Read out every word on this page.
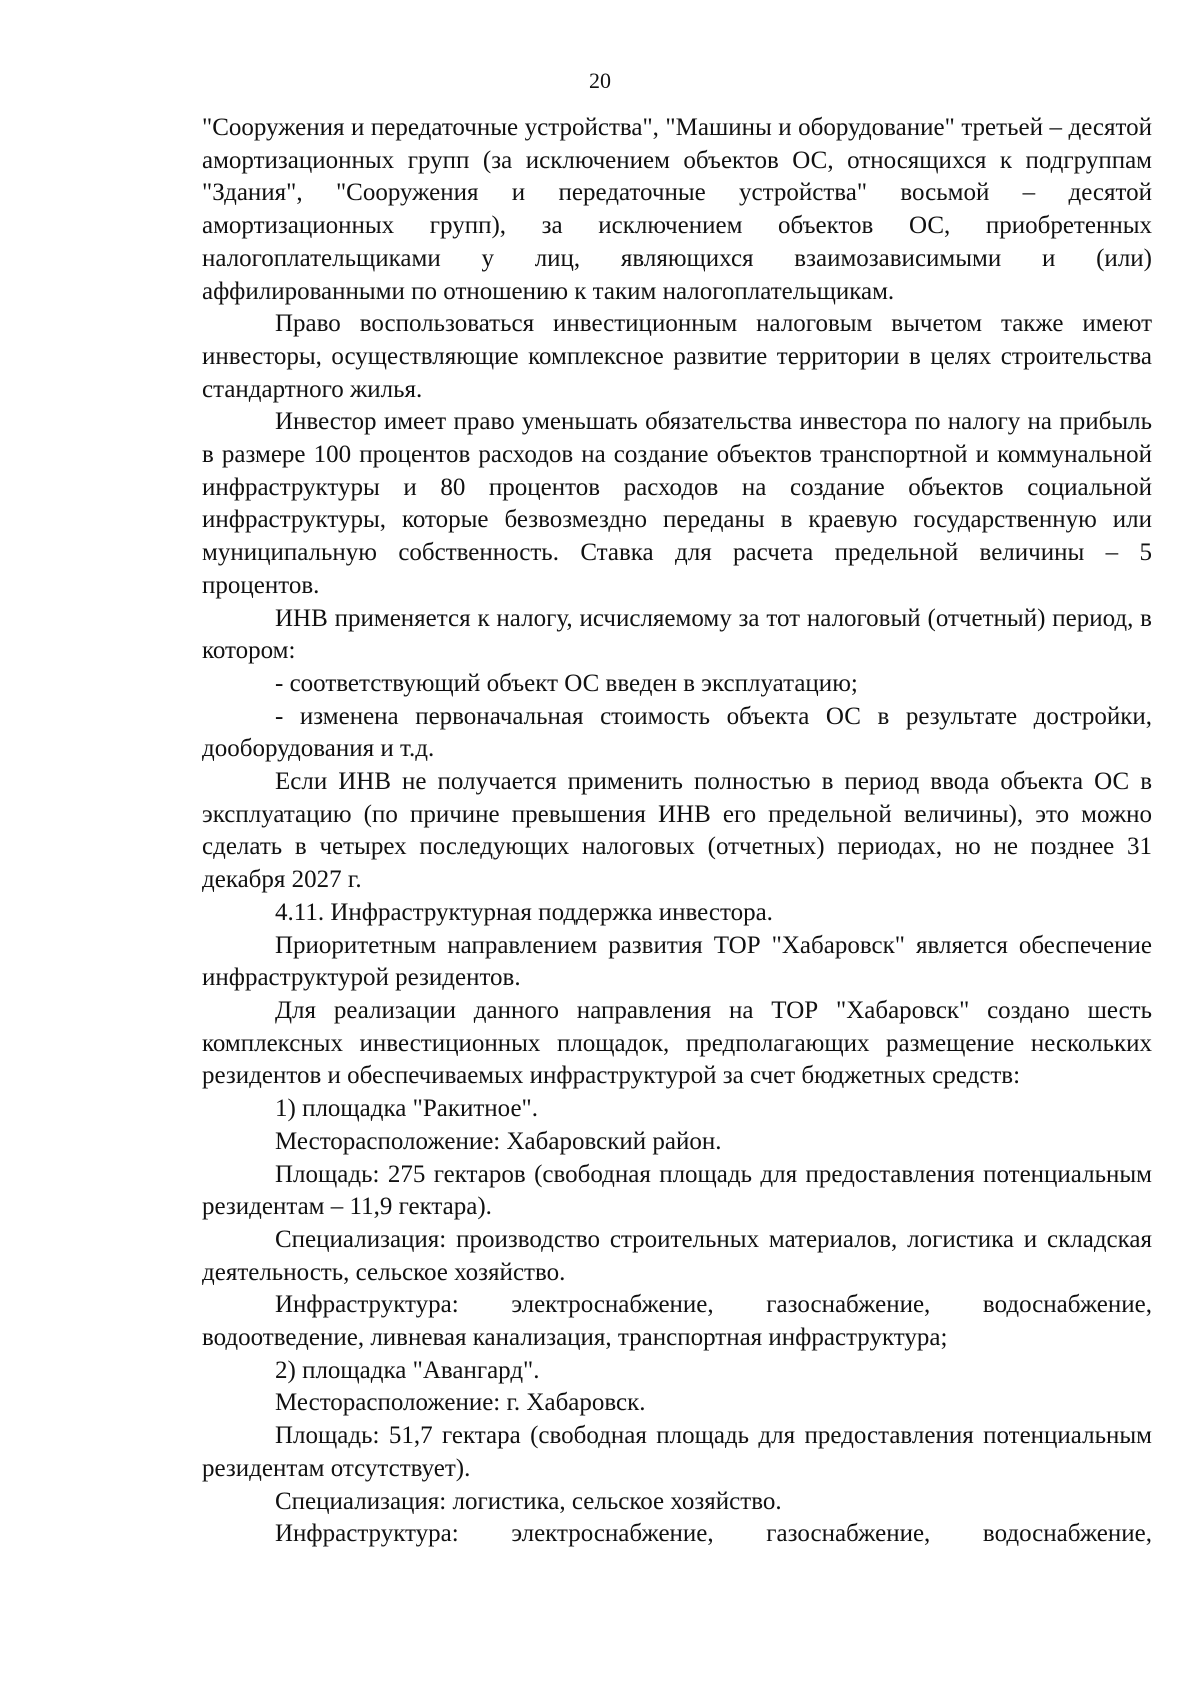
20

"Сооружения и передаточные устройства", "Машины и оборудование" третьей – десятой амортизационных групп (за исключением объектов ОС, относящихся к подгруппам "Здания", "Сооружения и передаточные устройства" восьмой – десятой амортизационных групп), за исключением объектов ОС, приобретенных налогоплательщиками у лиц, являющихся взаимозависимыми и (или) аффилированными по отношению к таким налогоплательщикам.

Право воспользоваться инвестиционным налоговым вычетом также имеют инвесторы, осуществляющие комплексное развитие территории в целях строительства стандартного жилья.

Инвестор имеет право уменьшать обязательства инвестора по налогу на прибыль в размере 100 процентов расходов на создание объектов транспортной и коммунальной инфраструктуры и 80 процентов расходов на создание объектов социальной инфраструктуры, которые безвозмездно переданы в краевую государственную или муниципальную собственность. Ставка для расчета предельной величины – 5 процентов.

ИНВ применяется к налогу, исчисляемому за тот налоговый (отчетный) период, в котором:

- соответствующий объект ОС введен в эксплуатацию;

- изменена первоначальная стоимость объекта ОС в результате достройки, дооборудования и т.д.

Если ИНВ не получается применить полностью в период ввода объекта ОС в эксплуатацию (по причине превышения ИНВ его предельной величины), это можно сделать в четырех последующих налоговых (отчетных) периодах, но не позднее 31 декабря 2027 г.

4.11. Инфраструктурная поддержка инвестора.

Приоритетным направлением развития ТОР "Хабаровск" является обеспечение инфраструктурой резидентов.

Для реализации данного направления на ТОР "Хабаровск" создано шесть комплексных инвестиционных площадок, предполагающих размещение нескольких резидентов и обеспечиваемых инфраструктурой за счет бюджетных средств:

1) площадка "Ракитное".

Месторасположение: Хабаровский район.

Площадь: 275 гектаров (свободная площадь для предоставления потенциальным резидентам – 11,9 гектара).

Специализация: производство строительных материалов, логистика и складская деятельность, сельское хозяйство.

Инфраструктура: электроснабжение, газоснабжение, водоснабжение, водоотведение, ливневая канализация, транспортная инфраструктура;

2) площадка "Авангард".

Месторасположение: г. Хабаровск.

Площадь: 51,7 гектара (свободная площадь для предоставления потенциальным резидентам отсутствует).

Специализация: логистика, сельское хозяйство.

Инфраструктура: электроснабжение, газоснабжение, водоснабжение,
